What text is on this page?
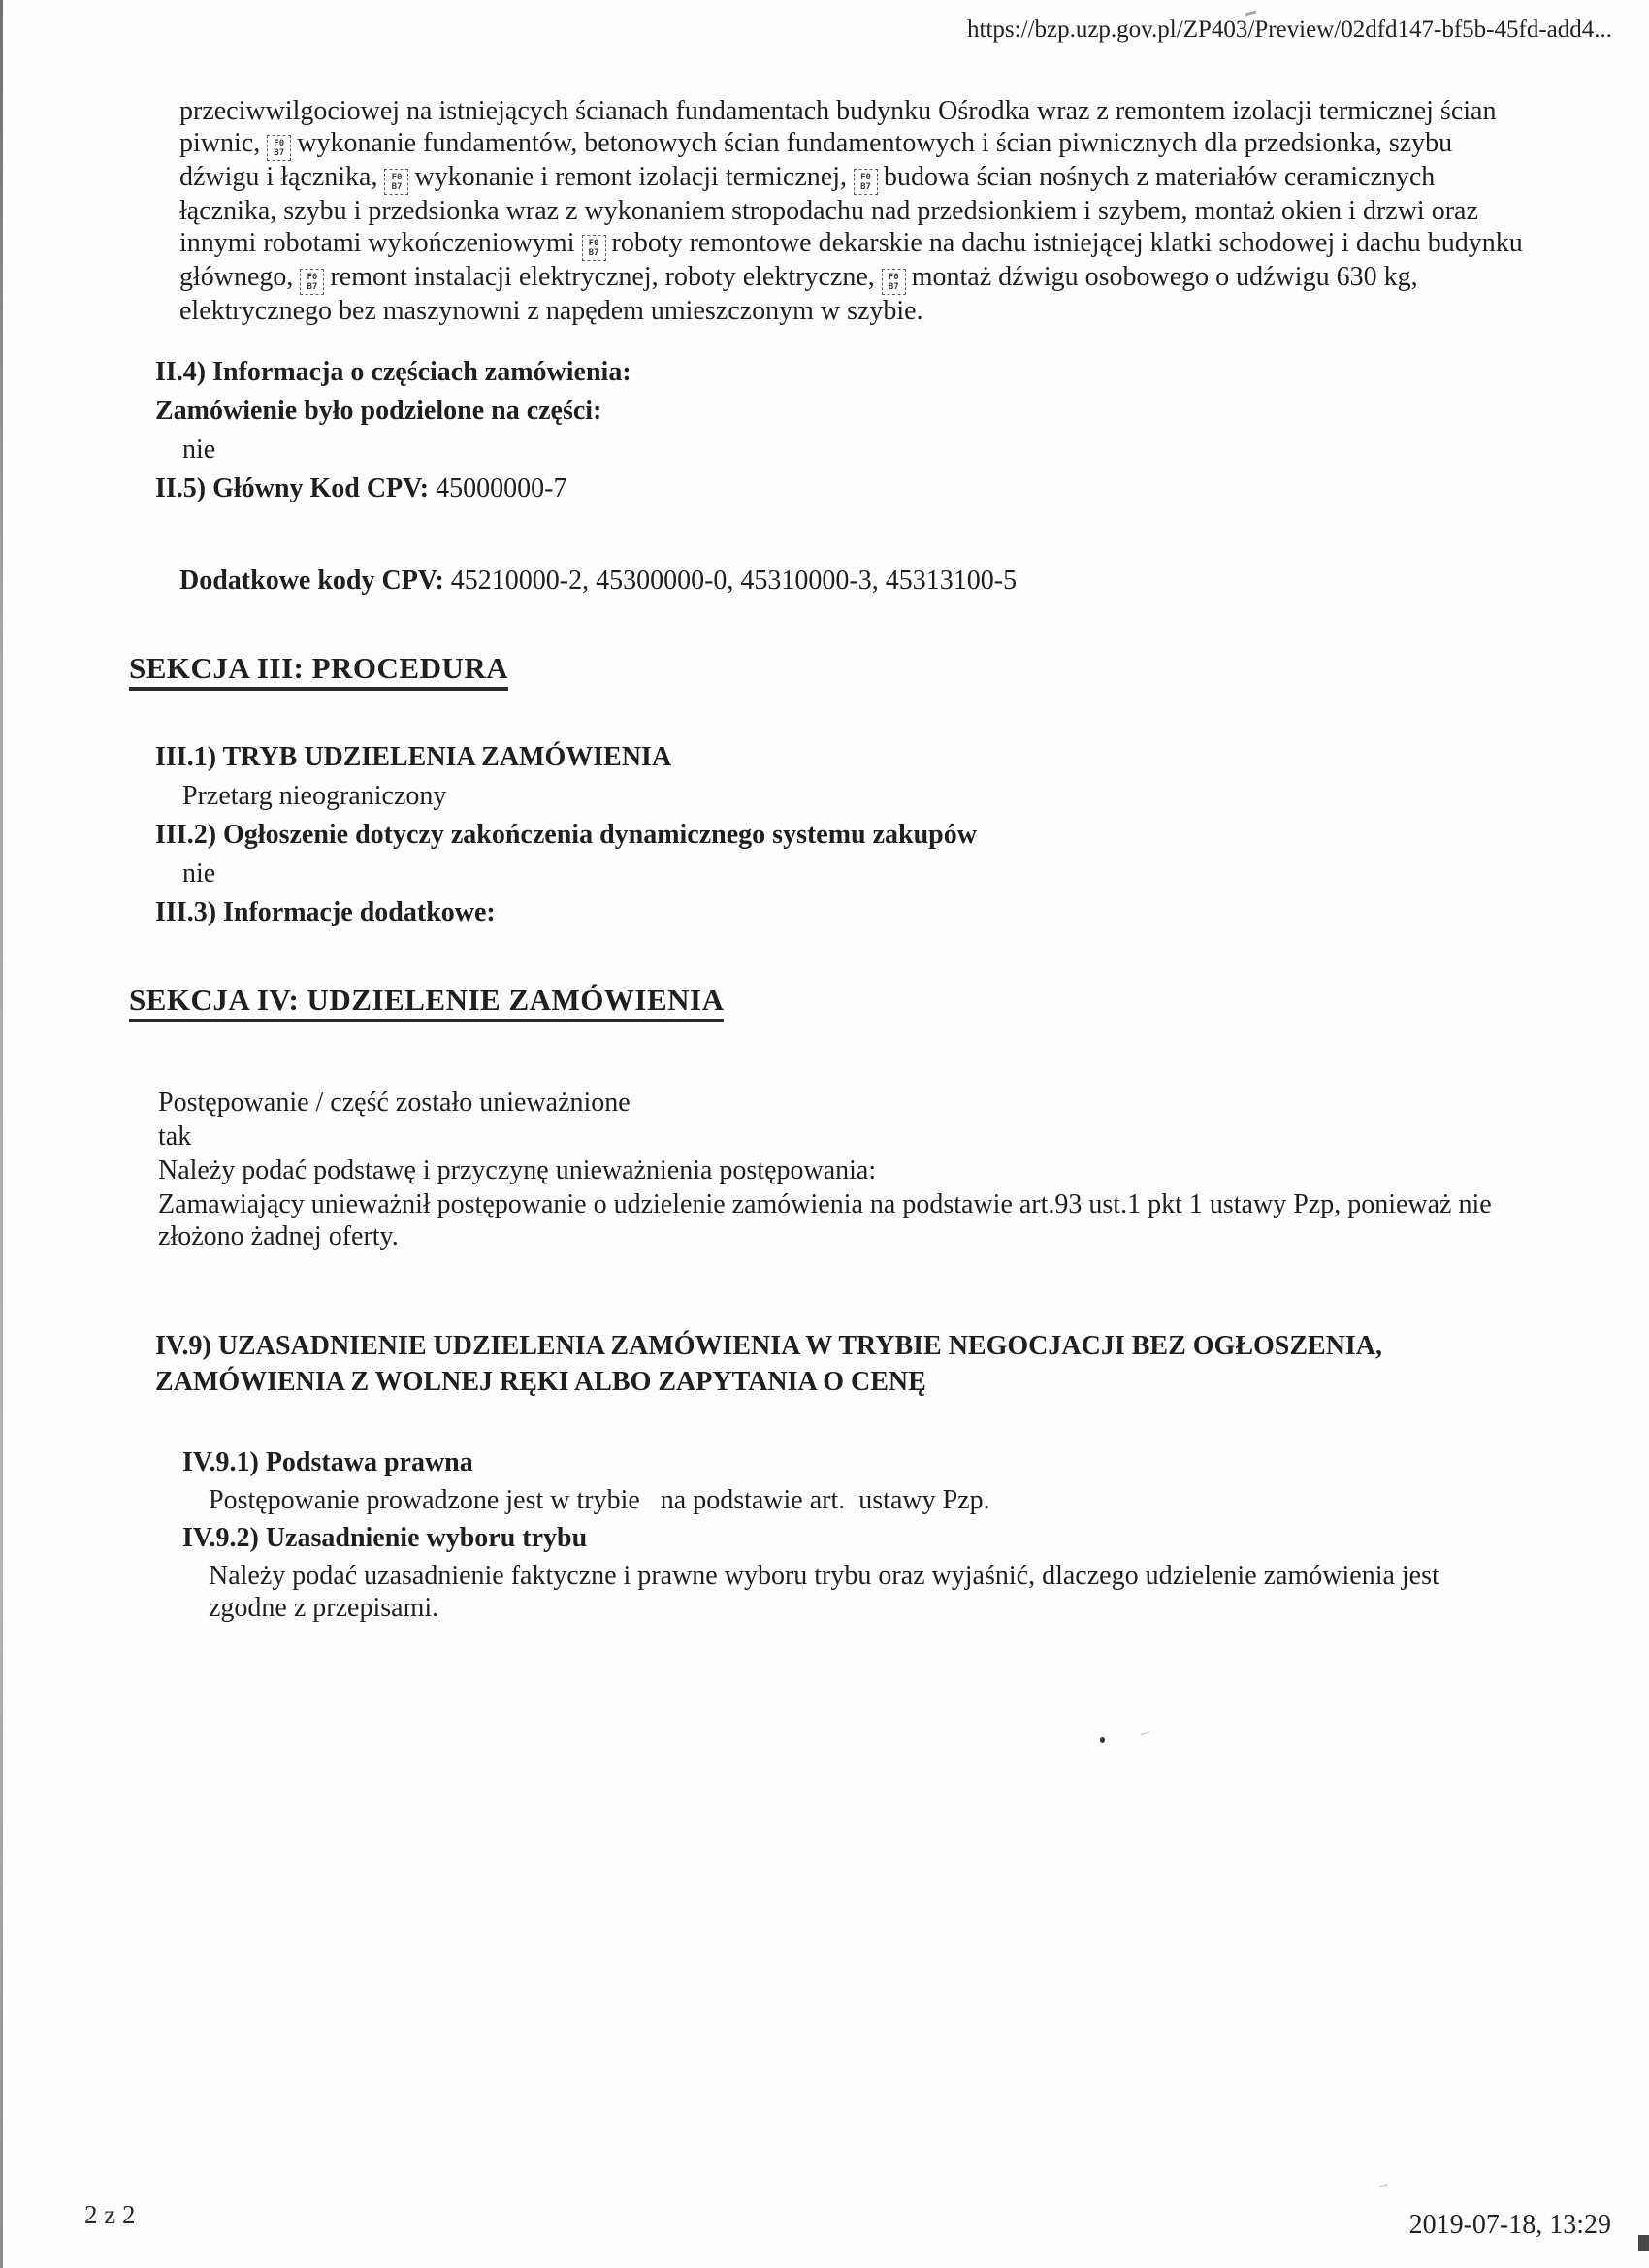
https://bzp.uzp.gov.pl/ZP403/Preview/02dfd147-bf5b-45fd-add4...

przeciwwilgociowej na istniejących ścianach fundamentach budynku Ośrodka wraz z remontem izolacji termicznej ścian piwnic,	F0
B7 wykonanie fundamentów, betonowych ścian fundamentowych i ścian piwnicznych dla przedsionka, szybu dźwigu i łącznika,	F0
B7 wykonanie i remont izolacji termicznej,	F0
B7 budowa ścian nośnych z materiałów ceramicznych łącznika, szybu i przedsionka wraz z wykonaniem stropodachu nad przedsionkiem i szybem, montaż okien i drzwi oraz innymi robotami wykończeniowymi	F0
B7 roboty remontowe dekarskie na dachu istniejącej klatki schodowej i dachu budynku głównego,	F0
B7 remont instalacji elektrycznej, roboty elektryczne,	F0
B7 montaż dźwigu osobowego o udźwigu 630 kg, elektrycznego bez maszynowni z napędem umieszczonym w szybie.

II.4) Informacja o częściach zamówienia:
Zamówienie było podzielone na części:
nie
II.5) Główny Kod CPV: 45000000-7
Dodatkowe kody CPV: 45210000-2, 45300000-0, 45310000-3, 45313100-5
SEKCJA III: PROCEDURA
III.1) TRYB UDZIELENIA ZAMÓWIENIA
Przetarg nieograniczony
III.2) Ogłoszenie dotyczy zakończenia dynamicznego systemu zakupów
nie
III.3) Informacje dodatkowe:
SEKCJA IV: UDZIELENIE ZAMÓWIENIA
Postępowanie / część zostało unieważnione
tak
Należy podać podstawę i przyczynę unieważnienia postępowania:
Zamawiający unieważnił postępowanie o udzielenie zamówienia na podstawie art.93 ust.1 pkt 1 ustawy Pzp, ponieważ nie złożono żadnej oferty.
IV.9) UZASADNIENIE UDZIELENIA ZAMÓWIENIA W TRYBIE NEGOCJACJI BEZ OGŁOSZENIA, ZAMÓWIENIA Z WOLNEJ RĘKI ALBO ZAPYTANIA O CENĘ
IV.9.1) Podstawa prawna
Postępowanie prowadzone jest w trybie   na podstawie art.  ustawy Pzp.
IV.9.2) Uzasadnienie wyboru trybu
Należy podać uzasadnienie faktyczne i prawne wyboru trybu oraz wyjaśnić, dlaczego udzielenie zamówienia jest zgodne z przepisami.
2 z 2	2019-07-18, 13:29
